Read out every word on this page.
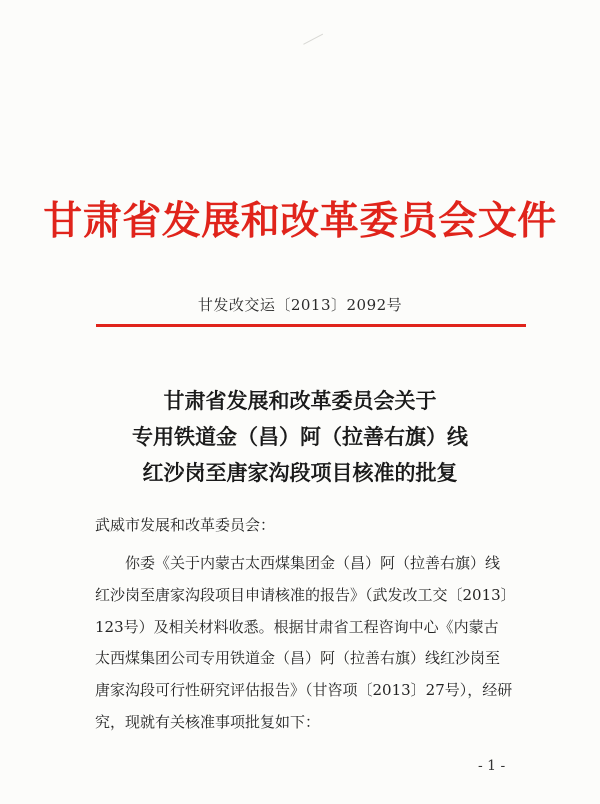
甘肃省发展和改革委员会文件
甘发改交运〔2013〕2092号
甘肃省发展和改革委员会关于
专用铁道金（昌）阿（拉善右旗）线
红沙岗至唐家沟段项目核准的批复
武威市发展和改革委员会：
你委《关于内蒙古太西煤集团金（昌）阿（拉善右旗）线
红沙岗至唐家沟段项目申请核准的报告》（武发改工交〔2013〕
123号）及相关材料收悉。根据甘肃省工程咨询中心《内蒙古
太西煤集团公司专用铁道金（昌）阿（拉善右旗）线红沙岗至
唐家沟段可行性研究评估报告》（甘咨项〔2013〕27号），经研
究，现就有关核准事项批复如下：
- 1 -
